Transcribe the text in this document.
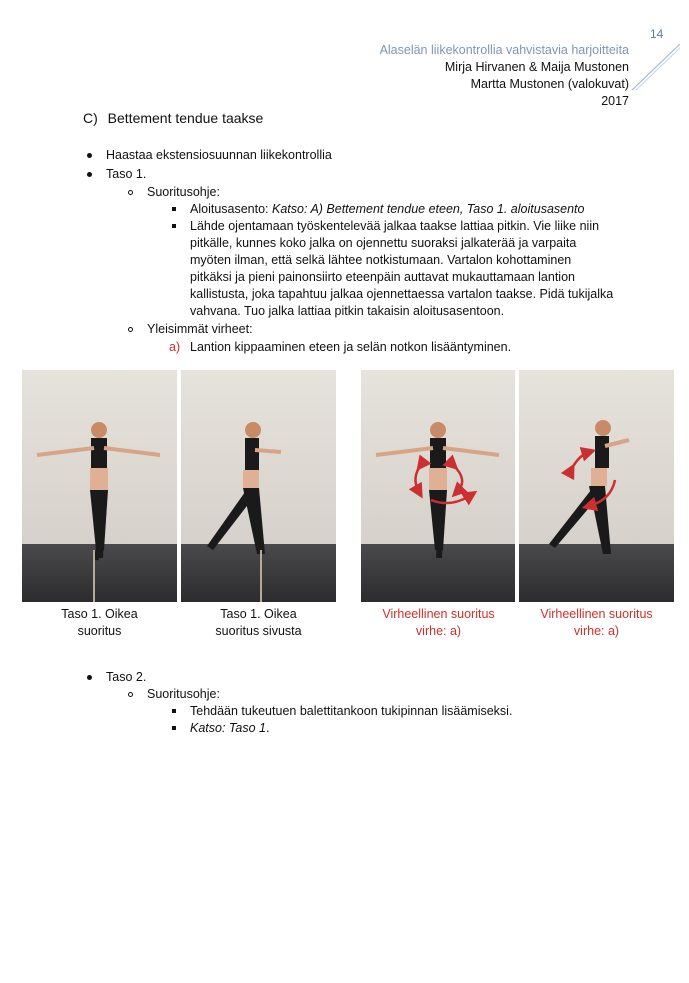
14
Alaselän liikekontrollia vahvistavia harjoitteita
Mirja Hirvanen & Maija Mustonen
Martta Mustonen (valokuvat)
2017
C) Bettement tendue taakse
Haastaa ekstensiosuunnan liikekontrollia
Taso 1.
Suoritusohje:
Aloitusasento: Katso: A) Bettement tendue eteen, Taso 1. aloitusasento
Lähde ojentamaan työskentelevää jalkaa taakse lattiaa pitkin. Vie liike niin
pitkälle, kunnes koko jalka on ojennettu suoraksi jalkaterää ja varpaita
myöten ilman, että selkä lähtee notkistumaan. Vartalon kohottaminen
pitkäksi ja pieni painonsiirto eteenpäin auttavat mukauttamaan lantion
kallistusta, joka tapahtuu jalkaa ojennettaessa vartalon taakse. Pidä tukijalka
vahvana. Tuo jalka lattiaa pitkin takaisin aloitusasentoon.
Yleisimmät virheet:
a) Lantion kippaaminen eteen ja selän notkon lisääntyminen.
Taso 1. Oikea
suoritus
Taso 1. Oikea
suoritus sivusta
Virheellinen suoritus
virhe: a)
Virheellinen suoritus
virhe: a)
Taso 2.
Suoritusohje:
Tehdään tukeutuen balettitankoon tukipinnan lisäämiseksi.
Katso: Taso 1.
